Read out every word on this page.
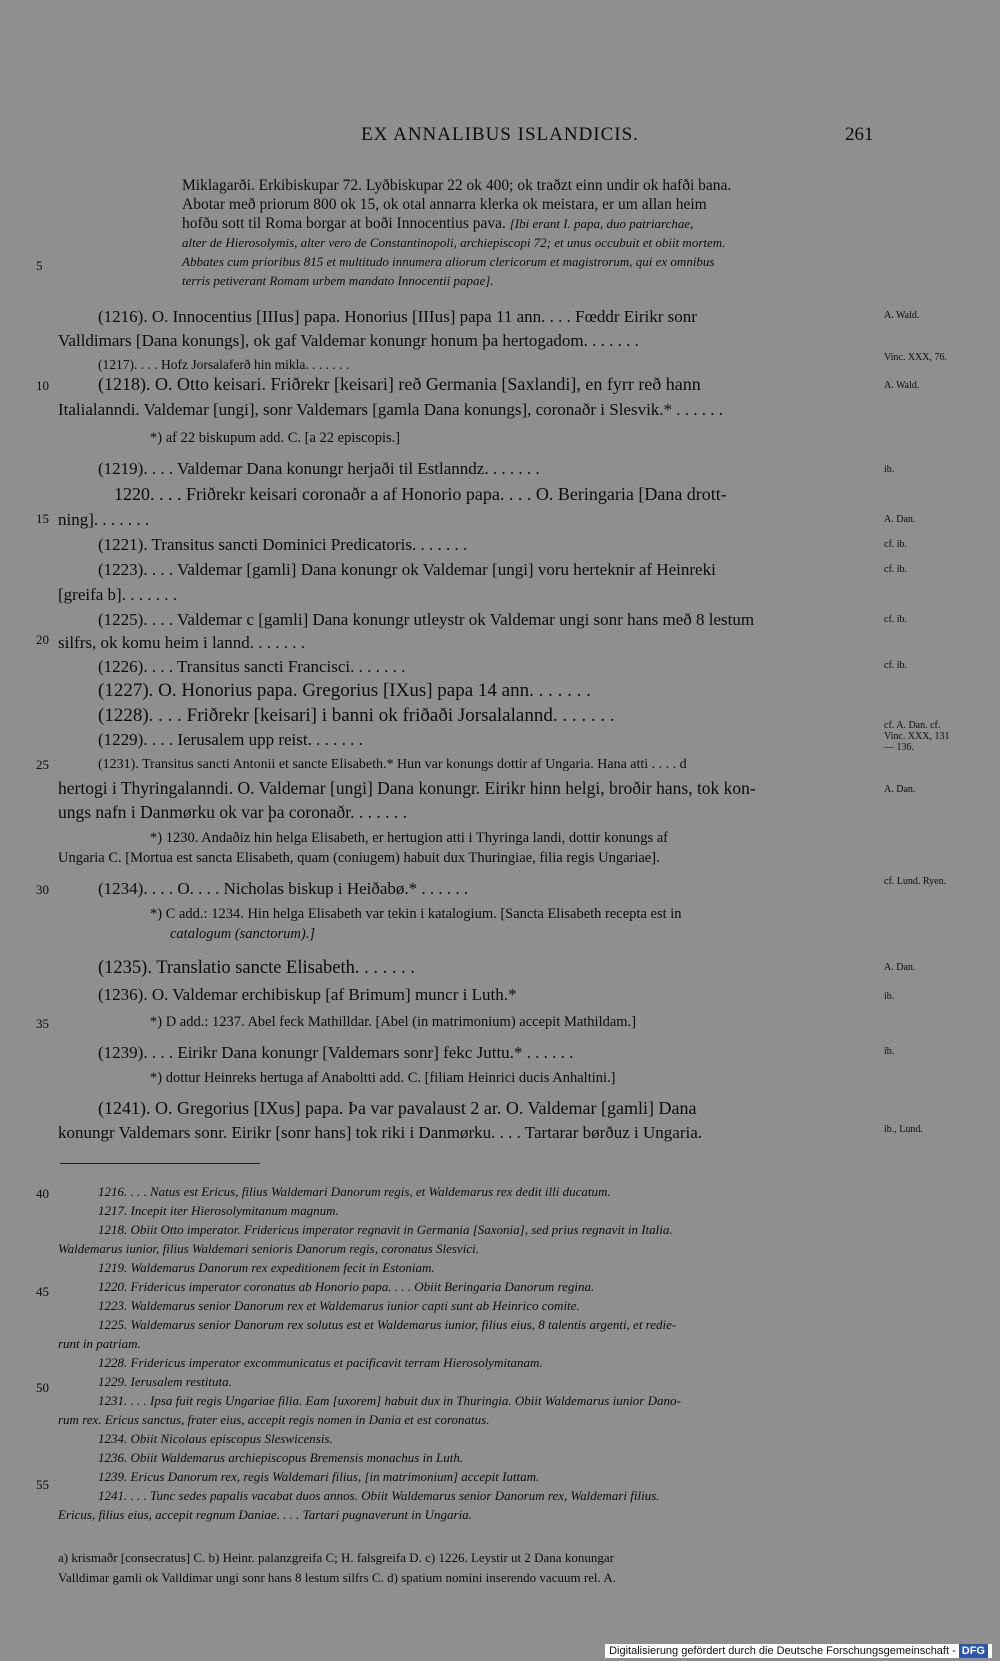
EX ANNALIBUS ISLANDICIS.	261
Miklagarði. Erkibiskupar 72. Lyðbiskupar 22 ok 400; ok traðzt einn undir ok hafði bana.
Abotar með priorum 800 ok 15, ok otal annarra klerka ok meistara, er um allan heim
hofðu sott til Roma borgar at boði Innocentius pava. [Ibi erant I. papa, duo patriarchae,
alter de Hierosolymis, alter vero de Constantinopoli, archiepiscopi 72; et unus occubuit et obiit mortem.
Abbates cum prioribus 815 et multitudo innumera aliorum clericorum et magistrorum, qui ex omnibus
terris petiverant Romam urbem mandato Innocentii papae].
5
10
15
20
25
30
35
40
45
50
55
A. Wald.
Vinc. XXX, 76.
A. Wald.
ib.
A. Dan.
cf. ib.
cf. ib.
cf. ib.
cf. ib.
cf. A. Dan. cf. Vinc. XXX, 131— 136.
A. Dan.
cf. Lund. Ryen.
A. Dan.
ib.
ib.
ib., Lund.
(1216). O. Innocentius [IIIus] papa. Honorius [IIIus] papa 11 ann. . . . Fœddr Eirikr sonr
Valldimars [Dana konungs], ok gaf Valdemar konungr honum þa hertogadom. . . . . . .
(1217). . . . Hofz Jorsalaferð hin mikla. . . . . . .
(1218). O. Otto keisari. Friðrekr [keisari] reð Germania [Saxlandi], en fyrr reð hann
Italialanndi. Valdemar [ungi], sonr Valdemars [gamla Dana konungs], coronaðr i Slesvik.* . . . . . .
*) af 22 biskupum add. C. [a 22 episcopis.]
(1219). . . . Valdemar Dana konungr herjaði til Estlanndz. . . . . . .
1220. . . . Friðrekr keisari coronaðr a af Honorio papa. . . . O. Beringaria [Dana drott-
ning]. . . . . . .
(1221). Transitus sancti Dominici Predicatoris. . . . . . .
(1223). . . . Valdemar [gamli] Dana konungr ok Valdemar [ungi] voru herteknir af Heinreki
[greifa b]. . . . . . .
(1225). . . . Valdemar c [gamli] Dana konungr utleystr ok Valdemar ungi sonr hans með 8 lestum
silfrs, ok komu heim i lannd. . . . . . .
(1226). . . . Transitus sancti Francisci. . . . . . .
(1227). O. Honorius papa. Gregorius [IXus] papa 14 ann. . . . . . .
(1228). . . . Friðrekr [keisari] i banni ok friðaði Jorsalalannd. . . . . . .
(1229). . . . Ierusalem upp reist. . . . . . .
(1231). Transitus sancti Antonii et sancte Elisabeth.* Hun var konungs dottir af Ungaria. Hana atti . . . . d
hertogi i Thyringalanndi. O. Valdemar [ungi] Dana konungr. Eirikr hinn helgi, broðir hans, tok kon-
ungs nafn i Danmørku ok var þa coronaðr. . . . . . .
*) 1230. Andaðiz hin helga Elisabeth, er hertugion atti i Thyringa landi, dottir konungs af
Ungaria C. [Mortua est sancta Elisabeth, quam (coniugem) habuit dux Thuringiae, filia regis Ungariae].
(1234). . . . O. . . . Nicholas biskup i Heiðabø.* . . . . . .
*) C add.: 1234. Hin helga Elisabeth var tekin i katalogium. [Sancta Elisabeth recepta est in
catalogum (sanctorum).]
(1235). Translatio sancte Elisabeth. . . . . . .
(1236). O. Valdemar erchibiskup [af Brimum] muncr i Luth.*
*) D add.: 1237. Abel feck Mathilldar. [Abel (in matrimonium) accepit Mathildam.]
(1239). . . . Eirikr Dana konungr [Valdemars sonr] fekc Juttu.* . . . . . .
*) dottur Heinreks hertuga af Anaboltti add. C. [filiam Heinrici ducis Anhaltini.]
(1241). O. Gregorius [IXus] papa. Þa var pavalaust 2 ar. O. Valdemar [gamli] Dana
konungr Valdemars sonr. Eirikr [sonr hans] tok riki i Danmørku. . . . Tartarar børðuz i Ungaria.
1216. . . . Natus est Ericus, filius Waldemari Danorum regis, et Waldemarus rex dedit illi ducatum.
1217. Incepit iter Hierosolymitanum magnum.
1218. Obiit Otto imperator. Fridericus imperator regnavit in Germania [Saxonia], sed prius regnavit in Italia.
Waldemarus iunior, filius Waldemari senioris Danorum regis, coronatus Slesvici.
1219. Waldemarus Danorum rex expeditionem fecit in Estoniam.
1220. Fridericus imperator coronatus ab Honorio papa. . . . Obiit Beringaria Danorum regina.
1223. Waldemarus senior Danorum rex et Waldemarus iunior capti sunt ab Heinrico comite.
1225. Waldemarus senior Danorum rex solutus est et Waldemarus iunior, filius eius, 8 talentis argenti, et redie-
runt in patriam.
1228. Fridericus imperator excommunicatus et pacificavit terram Hierosolymitanam.
1229. Ierusalem restituta.
1231. . . . Ipsa fuit regis Ungariae filia. Eam [uxorem] habuit dux in Thuringia. Obiit Waldemarus iunior Dano-
rum rex. Ericus sanctus, frater eius, accepit regis nomen in Dania et est coronatus.
1234. Obiit Nicolaus episcopus Sleswicensis.
1236. Obiit Waldemarus archiepiscopus Bremensis monachus in Luth.
1239. Ericus Danorum rex, regis Waldemari filius, [in matrimonium] accepit Iuttam.
1241. . . . Tunc sedes papalis vacabat duos annos. Obiit Waldemarus senior Danorum rex, Waldemari filius.
Ericus, filius eius, accepit regnum Daniae. . . . Tartari pugnaverunt in Ungaria.
a) krismaðr [consecratus] C. b) Heinr. palanzgreifa C; H. falsgreifa D. c) 1226. Leystir ut 2 Dana konungar
Valldimar gamli ok Valldimar ungi sonr hans 8 lestum silfrs C. d) spatium nomini inserendo vacuum rel. A.
Digitalisierung gefördert durch die Deutsche Forschungsgemeinschaft - DFG
